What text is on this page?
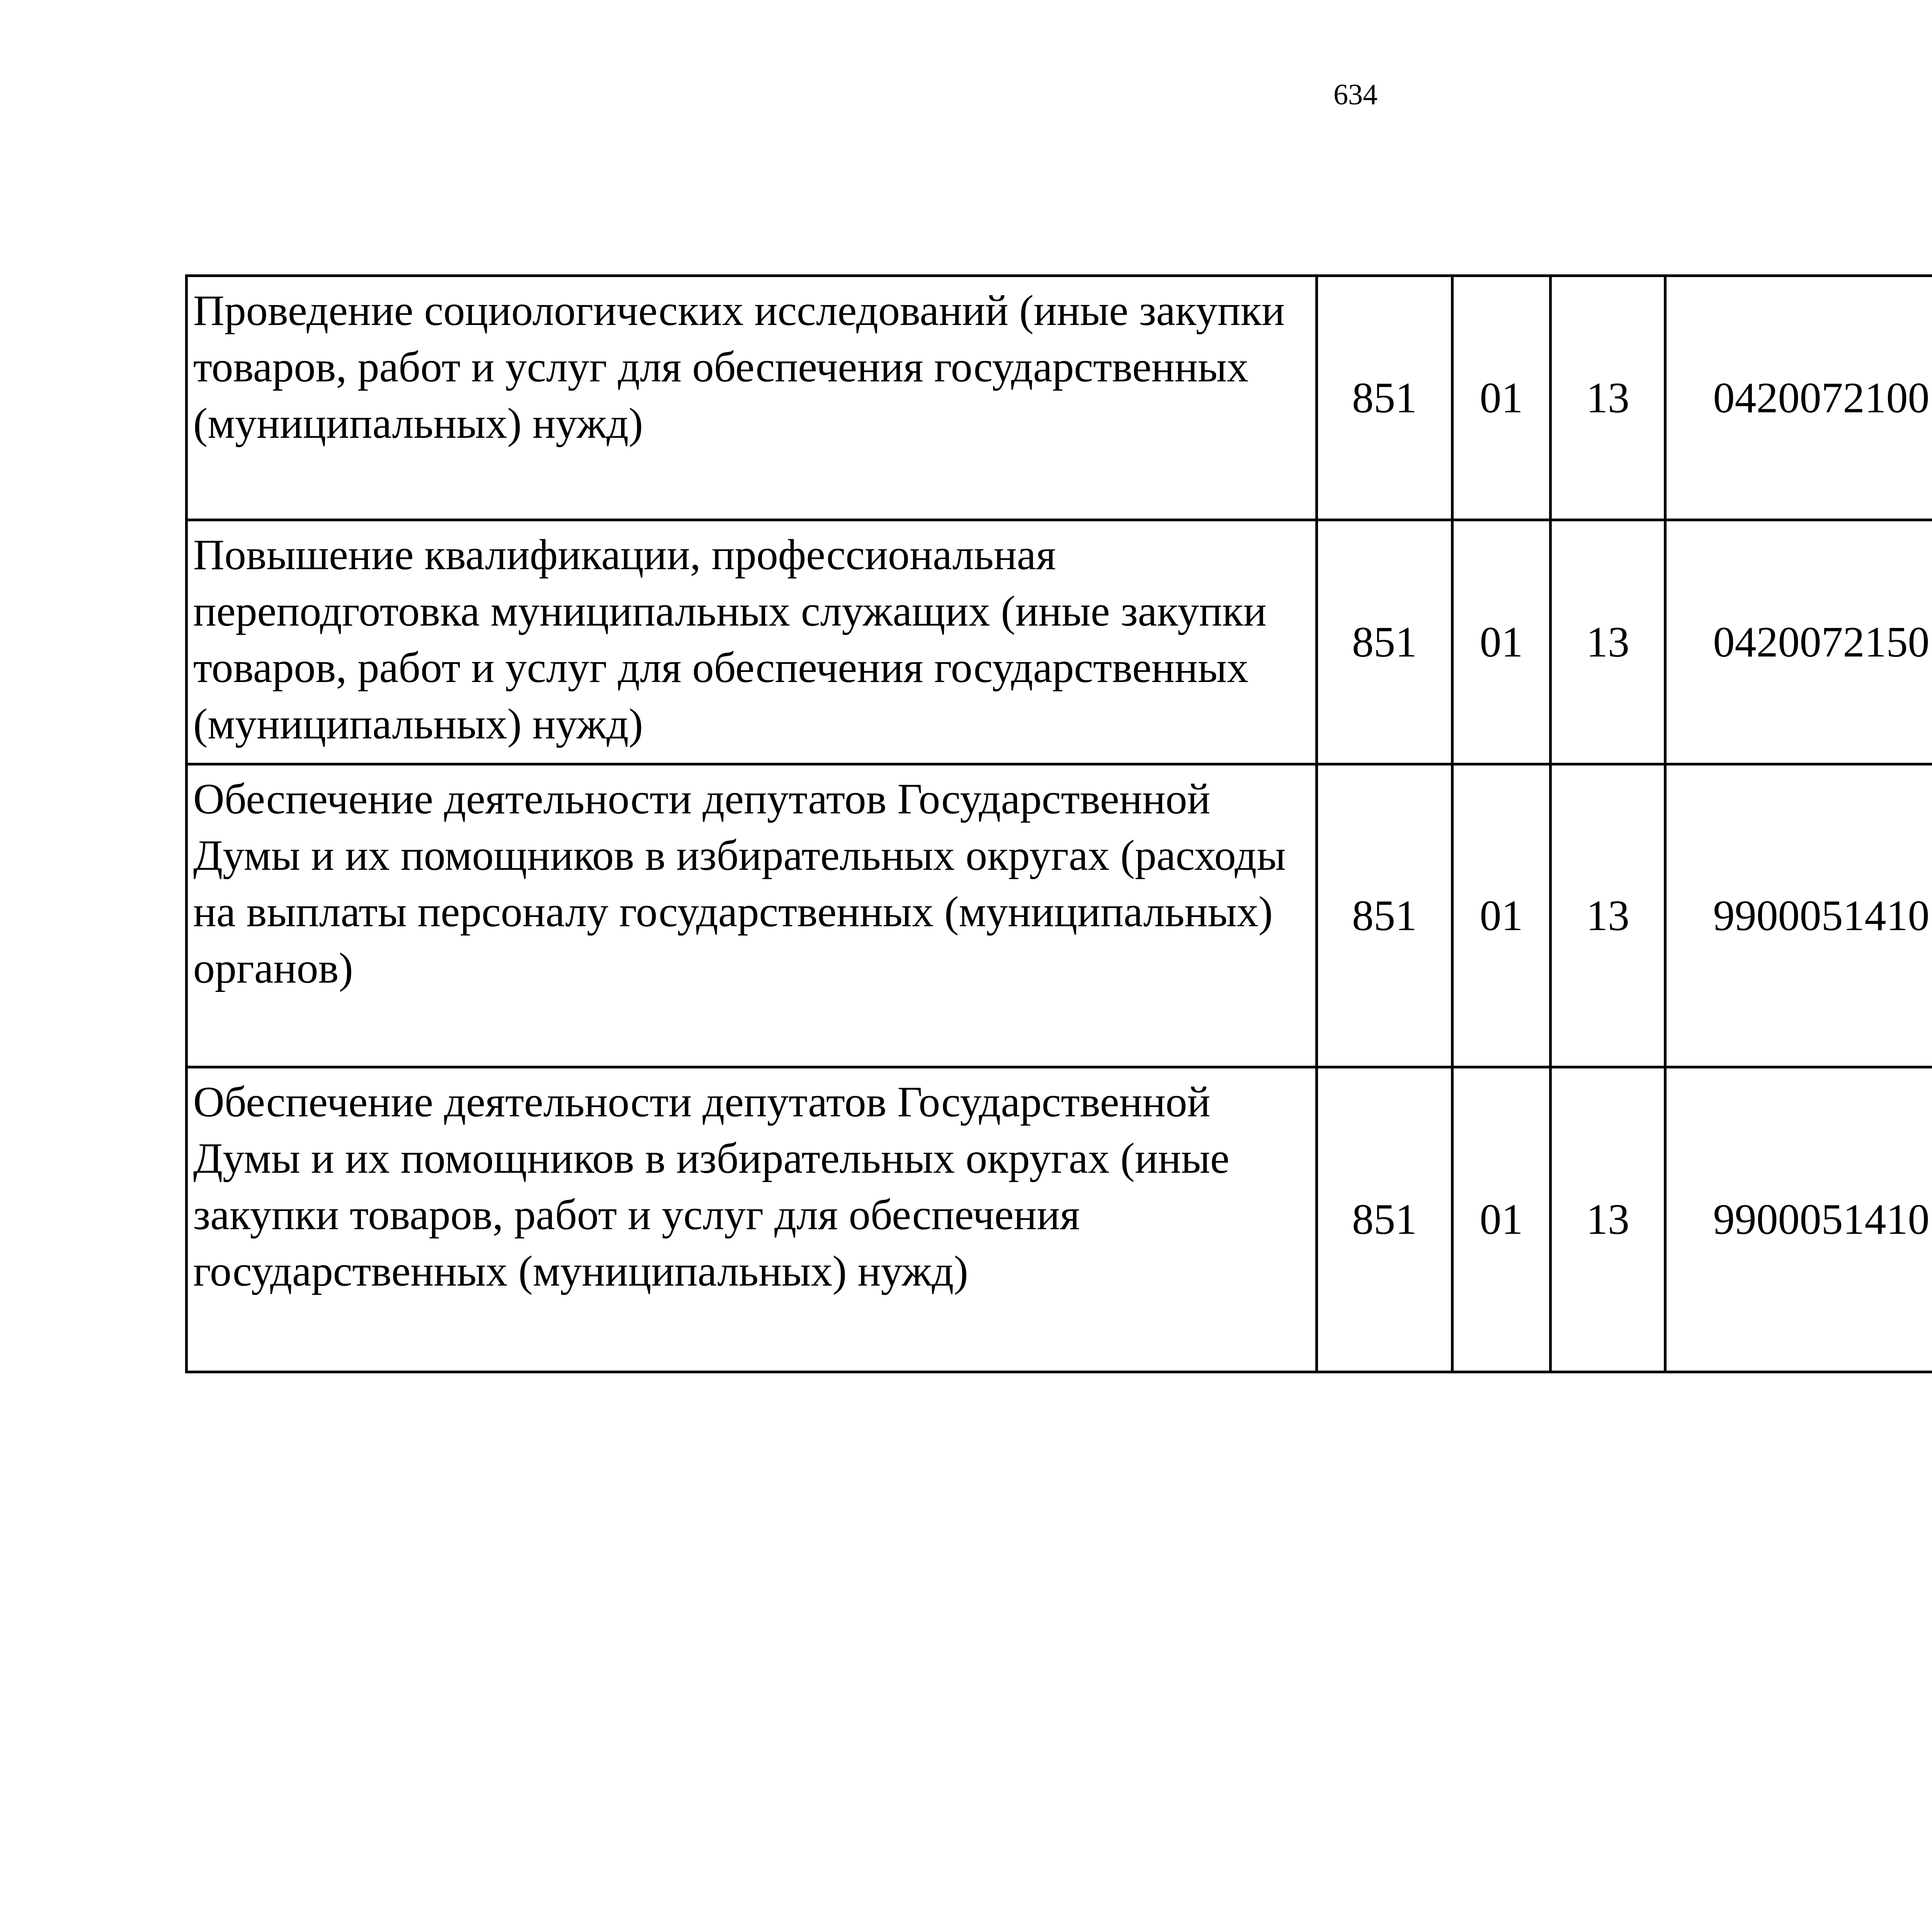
634
Проведение социологических исследований (иные закупки товаров, работ и услуг для обеспечения государственных (муниципальных) нужд)	851	01	13	0420072100		
Повышение квалификации, профессиональная переподготовка муниципальных служащих (иные закупки товаров, работ и услуг для обеспечения государственных (муниципальных) нужд)	851	01	13	0420072150		
Обеспечение деятельности депутатов Государственной Думы и их помощников в избирательных округах (расходы на выплаты персоналу государственных (муниципальных) органов)	851	01	13	9900051410		
Обеспечение деятельности депутатов Государственной Думы и их помощников в избирательных округах (иные закупки товаров, работ и услуг для обеспечения государственных (муниципальных) нужд)	851	01	13	9900051410		
